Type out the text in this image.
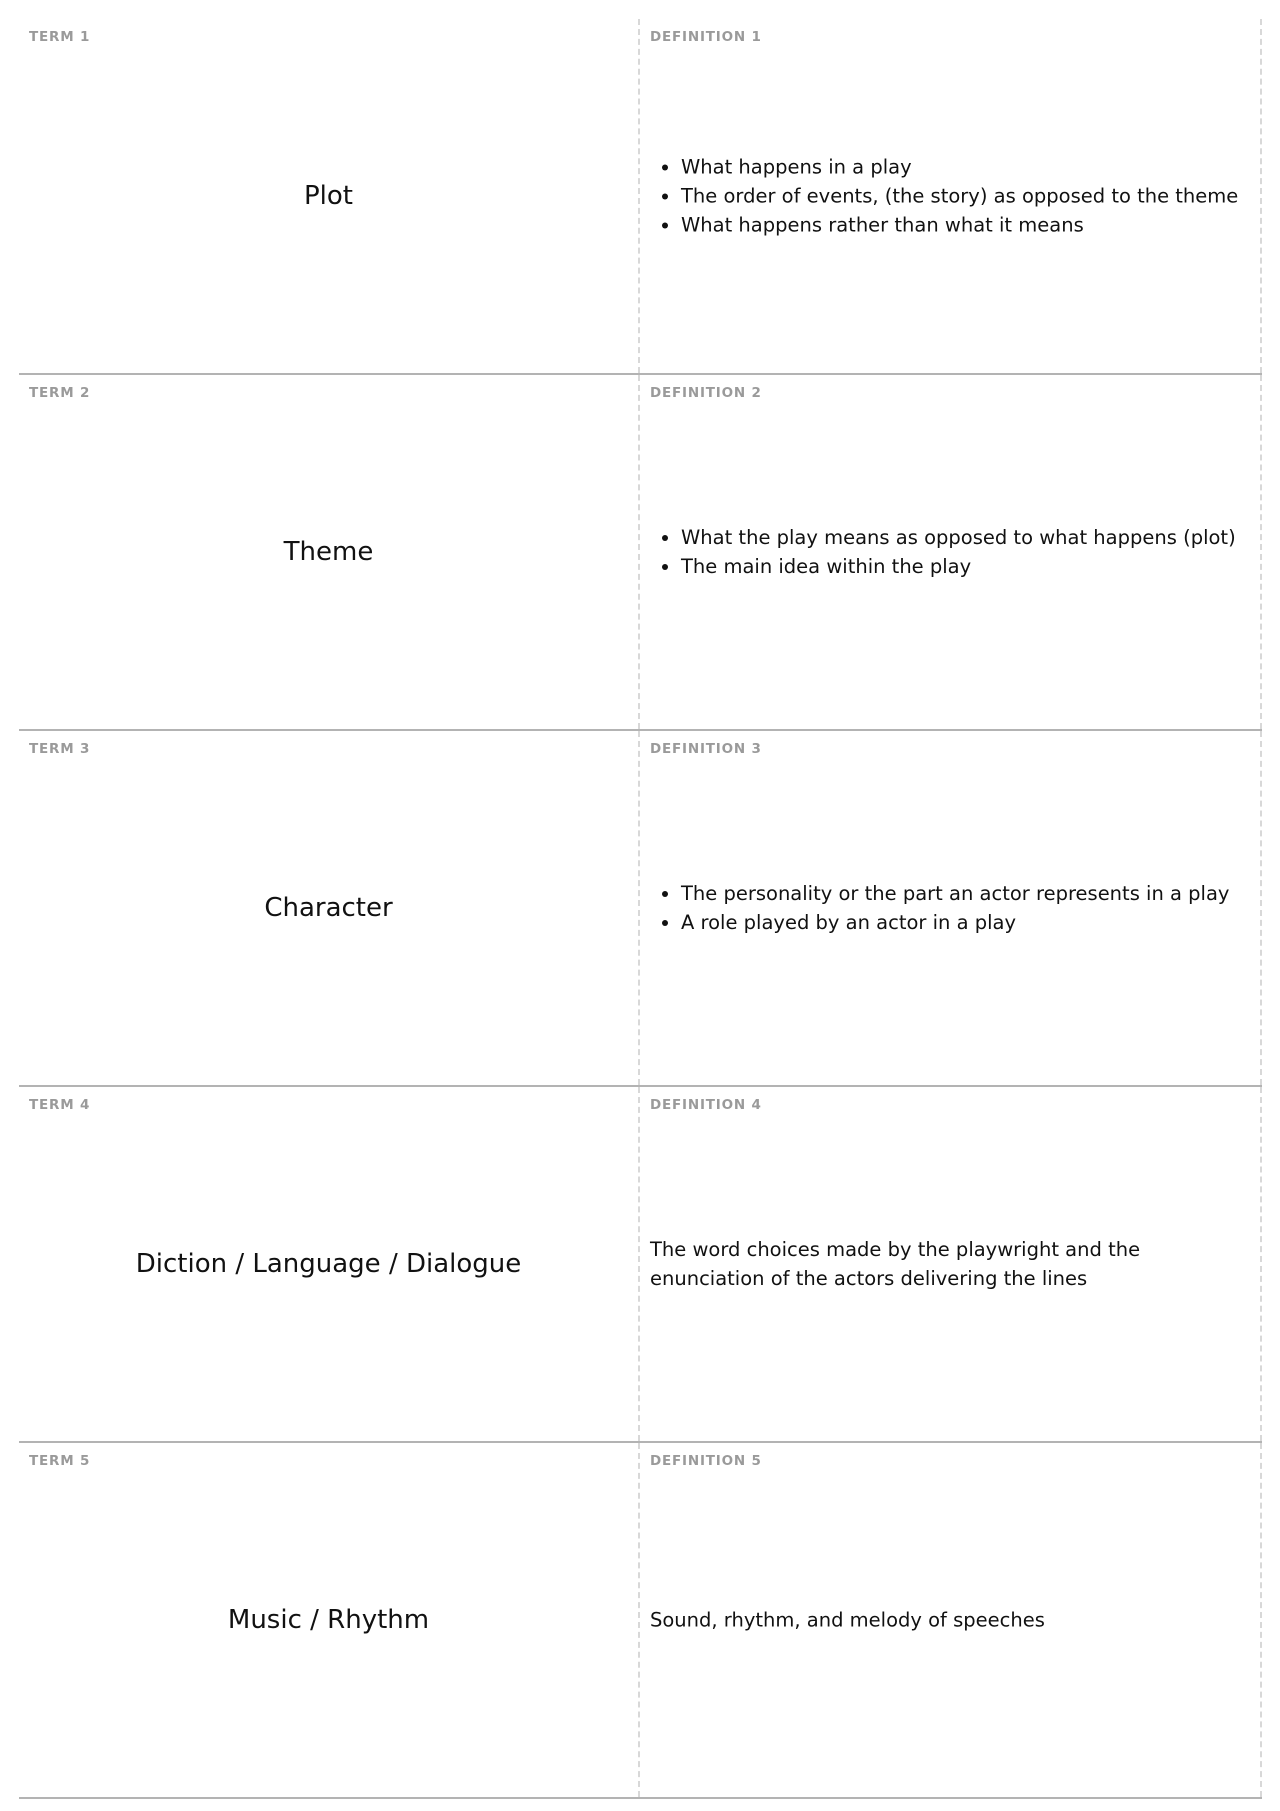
TERM 1
Plot
DEFINITION 1
• What happens in a play
• The order of events, (the story) as opposed to the theme
• What happens rather than what it means
TERM 2
Theme
DEFINITION 2
• What the play means as opposed to what happens (plot)
• The main idea within the play
TERM 3
Character
DEFINITION 3
• The personality or the part an actor represents in a play
• A role played by an actor in a play
TERM 4
Diction / Language / Dialogue
DEFINITION 4

The word choices made by the playwright and the enunciation of the actors delivering the lines

TERM 5
Music / Rhythm
DEFINITION 5

Sound, rhythm, and melody of speeches
